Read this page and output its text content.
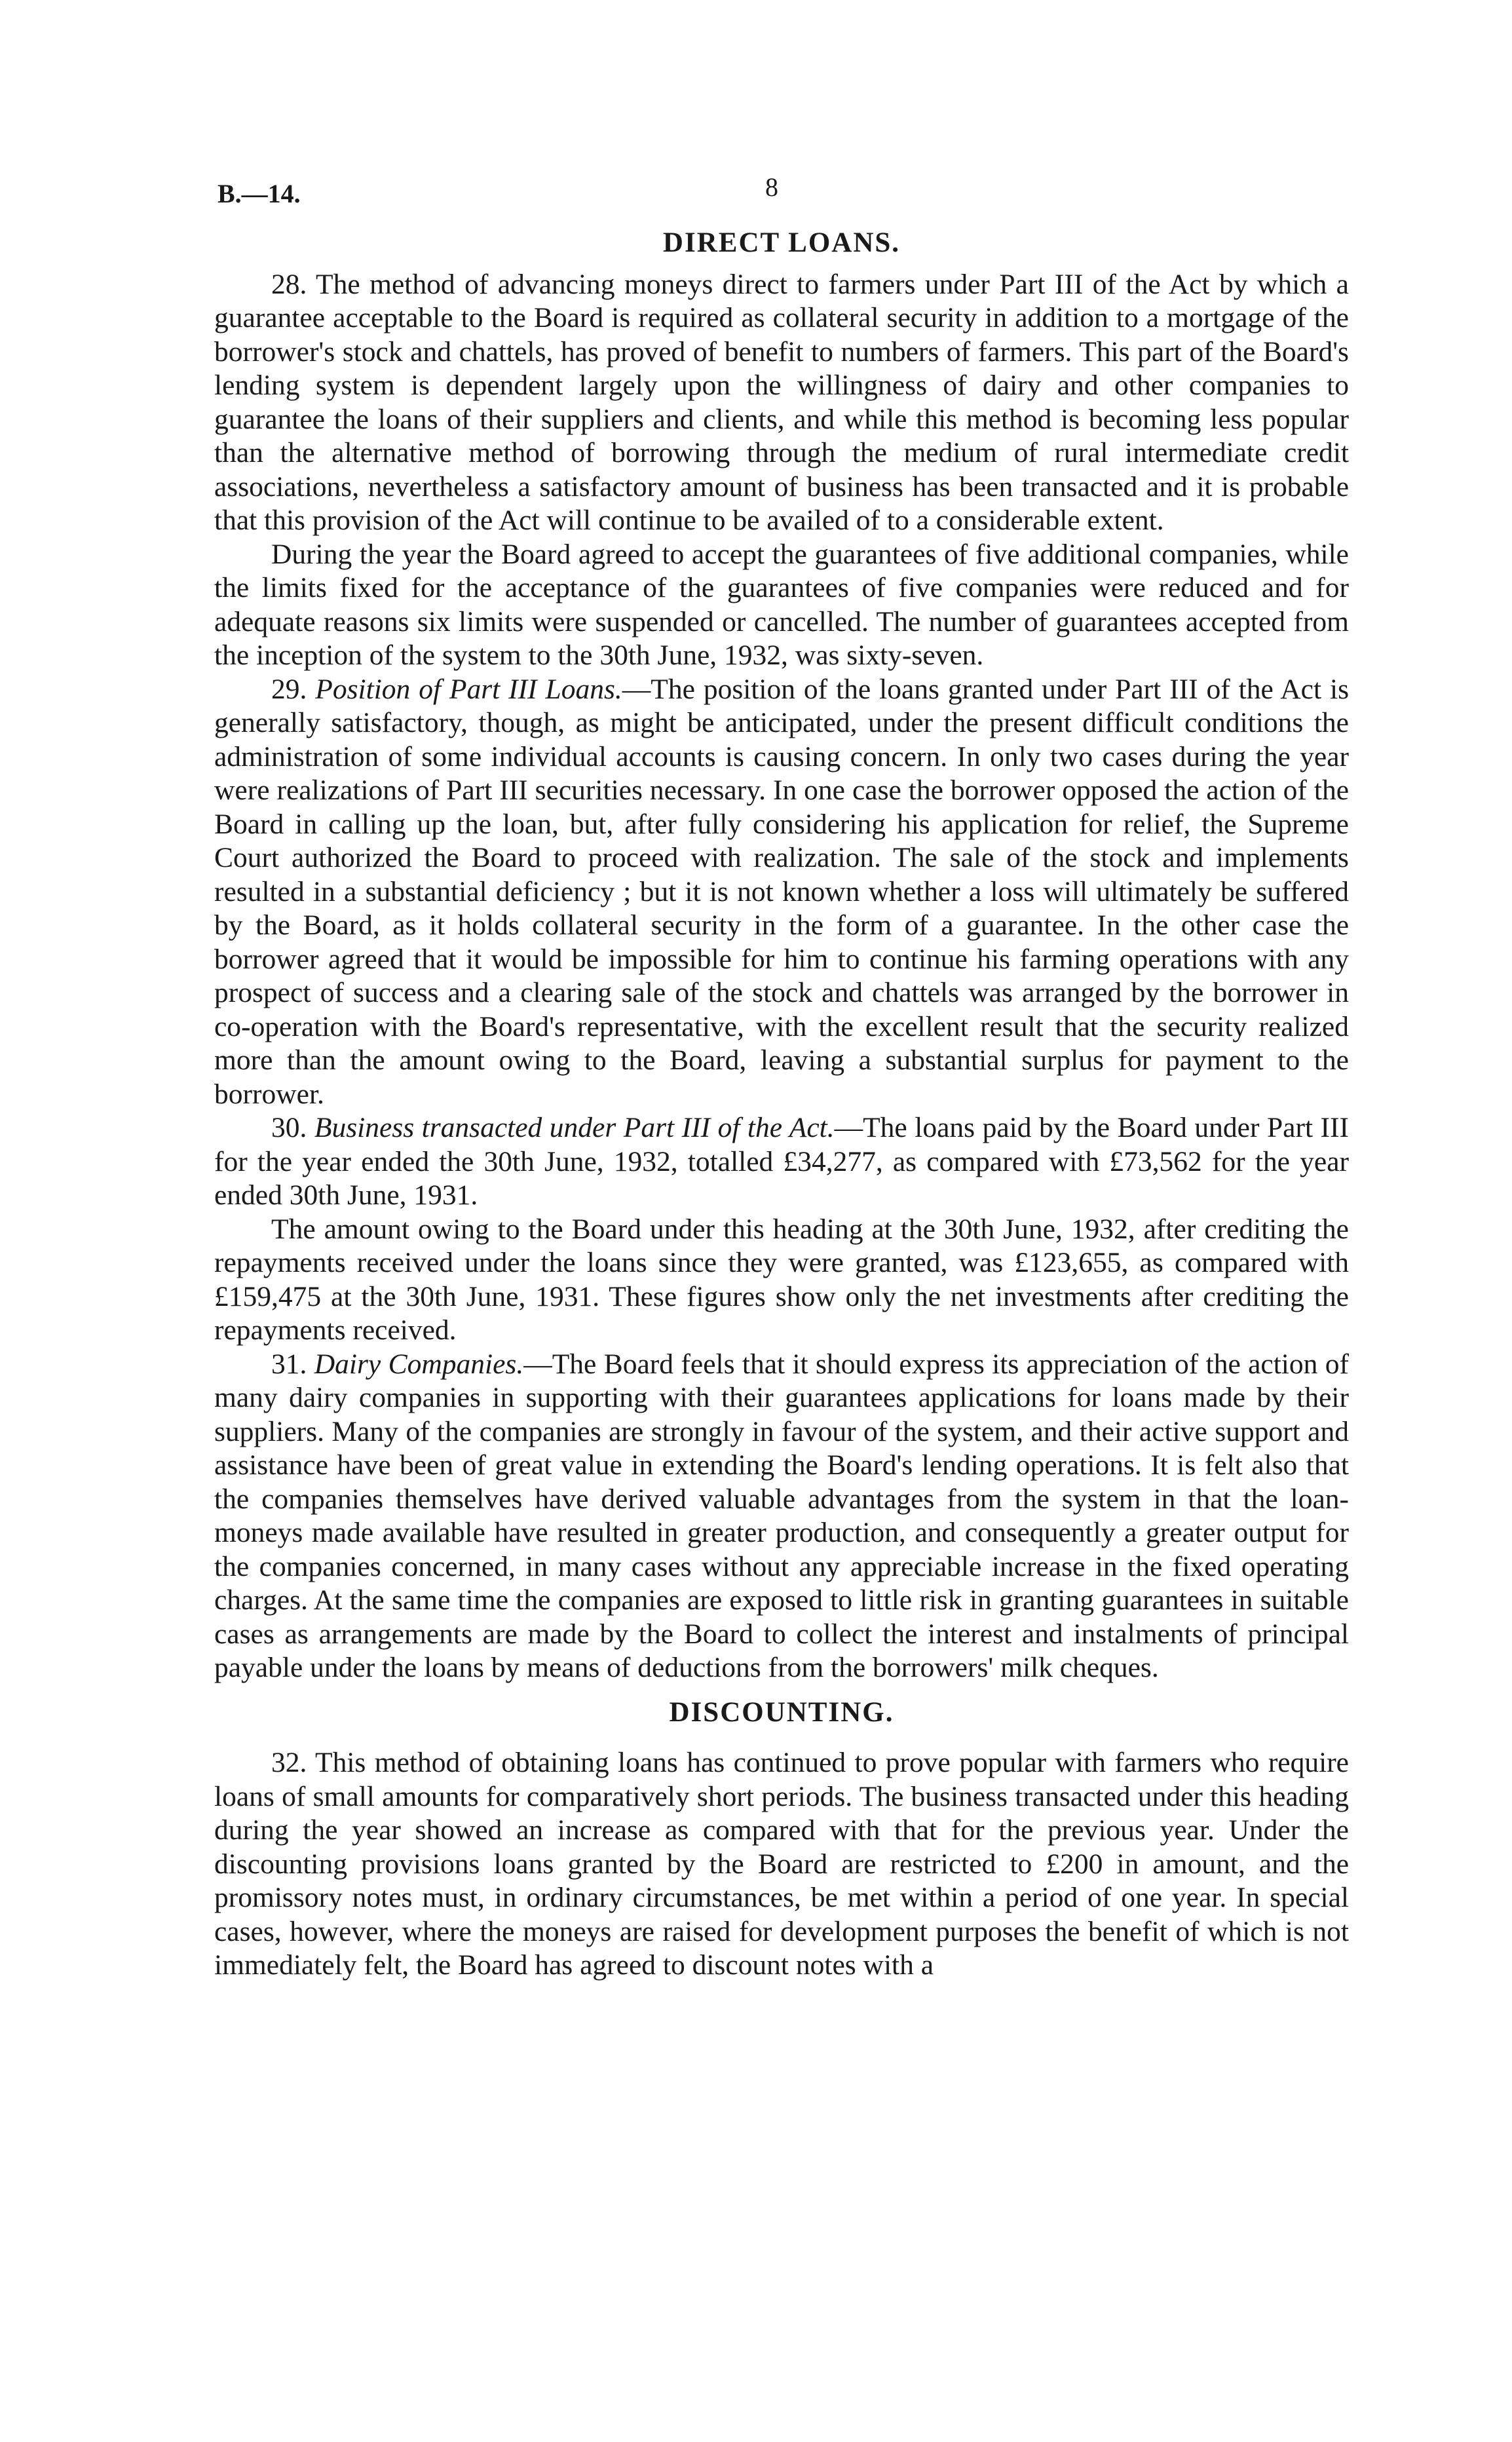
B.—14.	8
DIRECT LOANS.

28. The method of advancing moneys direct to farmers under Part III of the Act by which a guarantee acceptable to the Board is required as collateral security in addition to a mortgage of the borrower's stock and chattels, has proved of benefit to numbers of farmers. This part of the Board's lending system is dependent largely upon the willingness of dairy and other companies to guarantee the loans of their suppliers and clients, and while this method is becoming less popular than the alternative method of borrowing through the medium of rural intermediate credit associations, nevertheless a satisfactory amount of business has been transacted and it is probable that this provision of the Act will continue to be availed of to a considerable extent.

During the year the Board agreed to accept the guarantees of five additional companies, while the limits fixed for the acceptance of the guarantees of five companies were reduced and for adequate reasons six limits were suspended or cancelled. The number of guarantees accepted from the inception of the system to the 30th June, 1932, was sixty-seven.

29. Position of Part III Loans.—The position of the loans granted under Part III of the Act is generally satisfactory, though, as might be anticipated, under the present difficult conditions the administration of some individual accounts is causing concern. In only two cases during the year were realizations of Part III securities necessary. In one case the borrower opposed the action of the Board in calling up the loan, but, after fully considering his application for relief, the Supreme Court authorized the Board to proceed with realization. The sale of the stock and implements resulted in a substantial deficiency ; but it is not known whether a loss will ultimately be suffered by the Board, as it holds collateral security in the form of a guarantee. In the other case the borrower agreed that it would be impossible for him to continue his farming operations with any prospect of success and a clearing sale of the stock and chattels was arranged by the borrower in co-operation with the Board's representative, with the excellent result that the security realized more than the amount owing to the Board, leaving a substantial surplus for payment to the borrower.

30. Business transacted under Part III of the Act.—The loans paid by the Board under Part III for the year ended the 30th June, 1932, totalled £34,277, as compared with £73,562 for the year ended 30th June, 1931.

The amount owing to the Board under this heading at the 30th June, 1932, after crediting the repayments received under the loans since they were granted, was £123,655, as compared with £159,475 at the 30th June, 1931. These figures show only the net investments after crediting the repayments received.

31. Dairy Companies.—The Board feels that it should express its appreciation of the action of many dairy companies in supporting with their guarantees applications for loans made by their suppliers. Many of the companies are strongly in favour of the system, and their active support and assistance have been of great value in extending the Board's lending operations. It is felt also that the companies themselves have derived valuable advantages from the system in that the loan-moneys made available have resulted in greater production, and consequently a greater output for the companies concerned, in many cases without any appreciable increase in the fixed operating charges. At the same time the companies are exposed to little risk in granting guarantees in suitable cases as arrangements are made by the Board to collect the interest and instalments of principal payable under the loans by means of deductions from the borrowers' milk cheques.

DISCOUNTING.

32. This method of obtaining loans has continued to prove popular with farmers who require loans of small amounts for comparatively short periods. The business transacted under this heading during the year showed an increase as compared with that for the previous year. Under the discounting provisions loans granted by the Board are restricted to £200 in amount, and the promissory notes must, in ordinary circumstances, be met within a period of one year. In special cases, however, where the moneys are raised for development purposes the benefit of which is not immediately felt, the Board has agreed to discount notes with a
